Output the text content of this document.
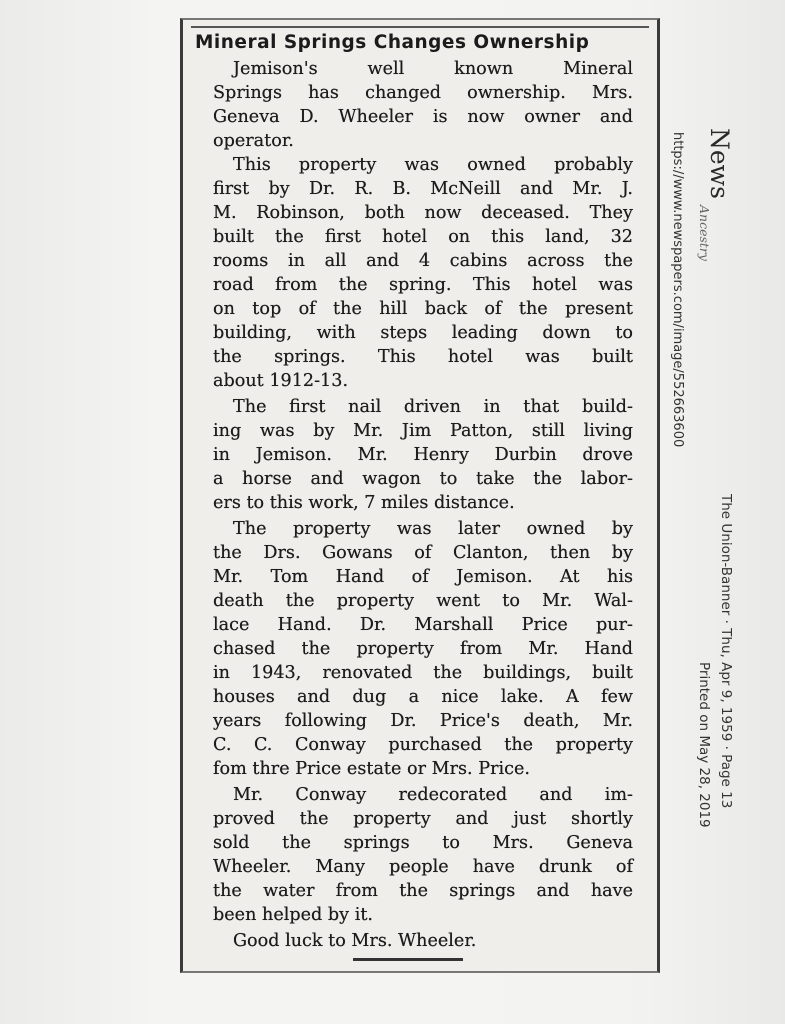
Mineral Springs Changes Ownership
Jemison's well known Mineral
Springs has changed ownership. Mrs.
Geneva D. Wheeler is now owner and
operator.
This property was owned probably
first by Dr. R. B. McNeill and Mr. J.
M. Robinson, both now deceased. They
built the first hotel on this land, 32
rooms in all and 4 cabins across the
road from the spring. This hotel was
on top of the hill back of the present
building, with steps leading down to
the springs. This hotel was built
about 1912-13.
The first nail driven in that build-
ing was by Mr. Jim Patton, still living
in Jemison. Mr. Henry Durbin drove
a horse and wagon to take the labor-
ers to this work, 7 miles distance.
The property was later owned by
the Drs. Gowans of Clanton, then by
Mr. Tom Hand of Jemison. At his
death the property went to Mr. Wal-
lace Hand. Dr. Marshall Price pur-
chased the property from Mr. Hand
in 1943, renovated the buildings, built
houses and dug a nice lake. A few
years following Dr. Price's death, Mr.
C. C. Conway purchased the property
fom thre Price estate or Mrs. Price.
Mr. Conway redecorated and im-
proved the property and just shortly
sold the springs to Mrs. Geneva
Wheeler. Many people have drunk of
the water from the springs and have
been helped by it.
Good luck to Mrs. Wheeler.
News
https://www.newspapers.com/image/552663600 Ancestry
The Union-Banner · Thu, Apr 9, 1959 · Page 13
Printed on May 28, 2019
